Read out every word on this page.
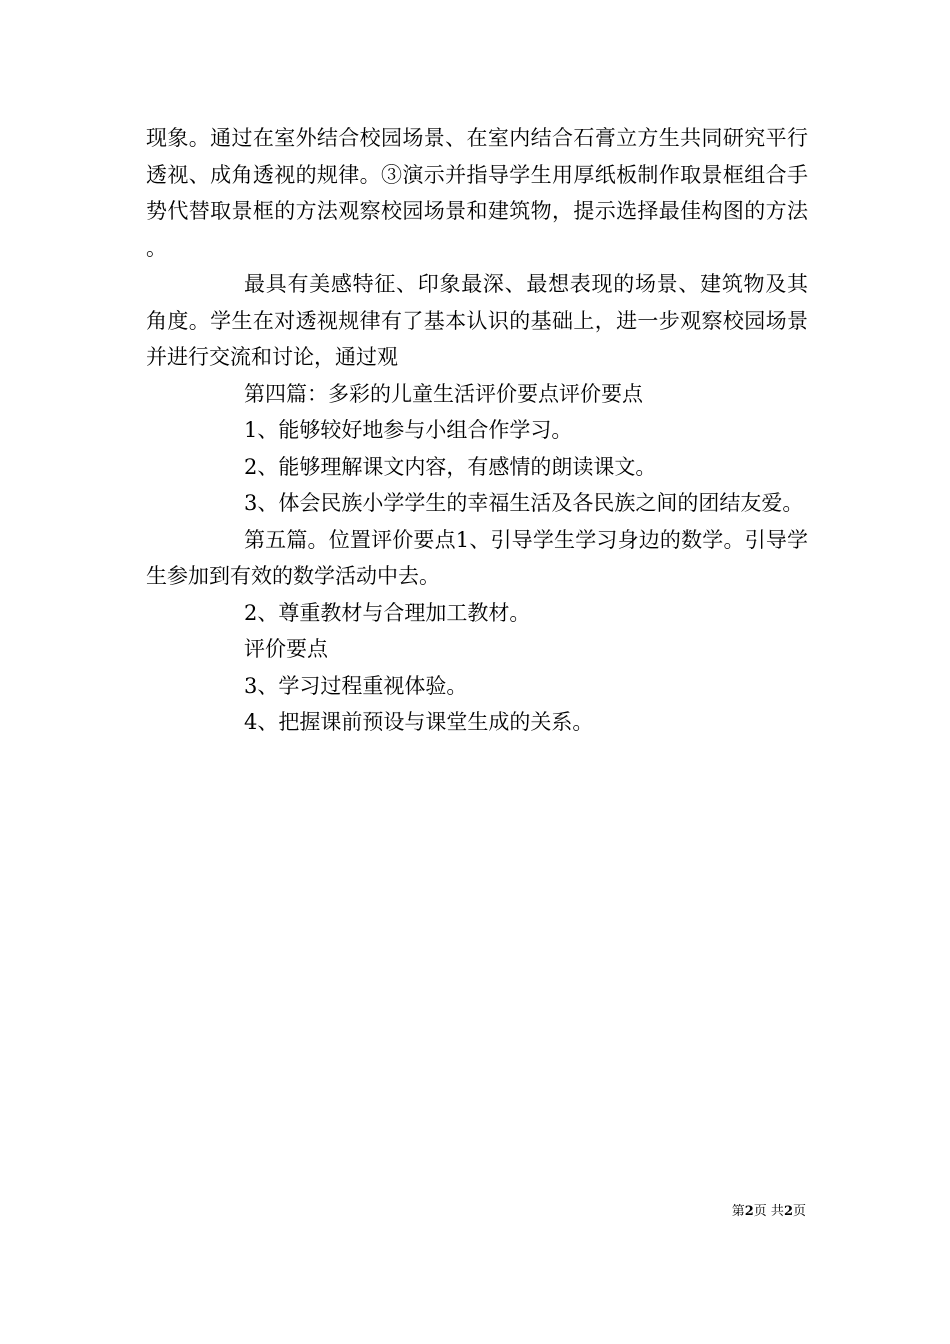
现象。通过在室外结合校园场景、在室内结合石膏立方生共同研究平行透视、成角透视的规律。③演示并指导学生用厚纸板制作取景框组合手势代替取景框的方法观察校园场景和建筑物，提示选择最佳构图的方法。

最具有美感特征、印象最深、最想表现的场景、建筑物及其角度。学生在对透视规律有了基本认识的基础上，进一步观察校园场景并进行交流和讨论，通过观

第四篇：多彩的儿童生活评价要点评价要点

1、能够较好地参与小组合作学习。

2、能够理解课文内容，有感情的朗读课文。

3、体会民族小学学生的幸福生活及各民族之间的团结友爱。

第五篇。位置评价要点1、引导学生学习身边的数学。引导学生参加到有效的数学活动中去。

2、尊重教材与合理加工教材。

评价要点

3、学习过程重视体验。

4、把握课前预设与课堂生成的关系。

第2页 共2页
